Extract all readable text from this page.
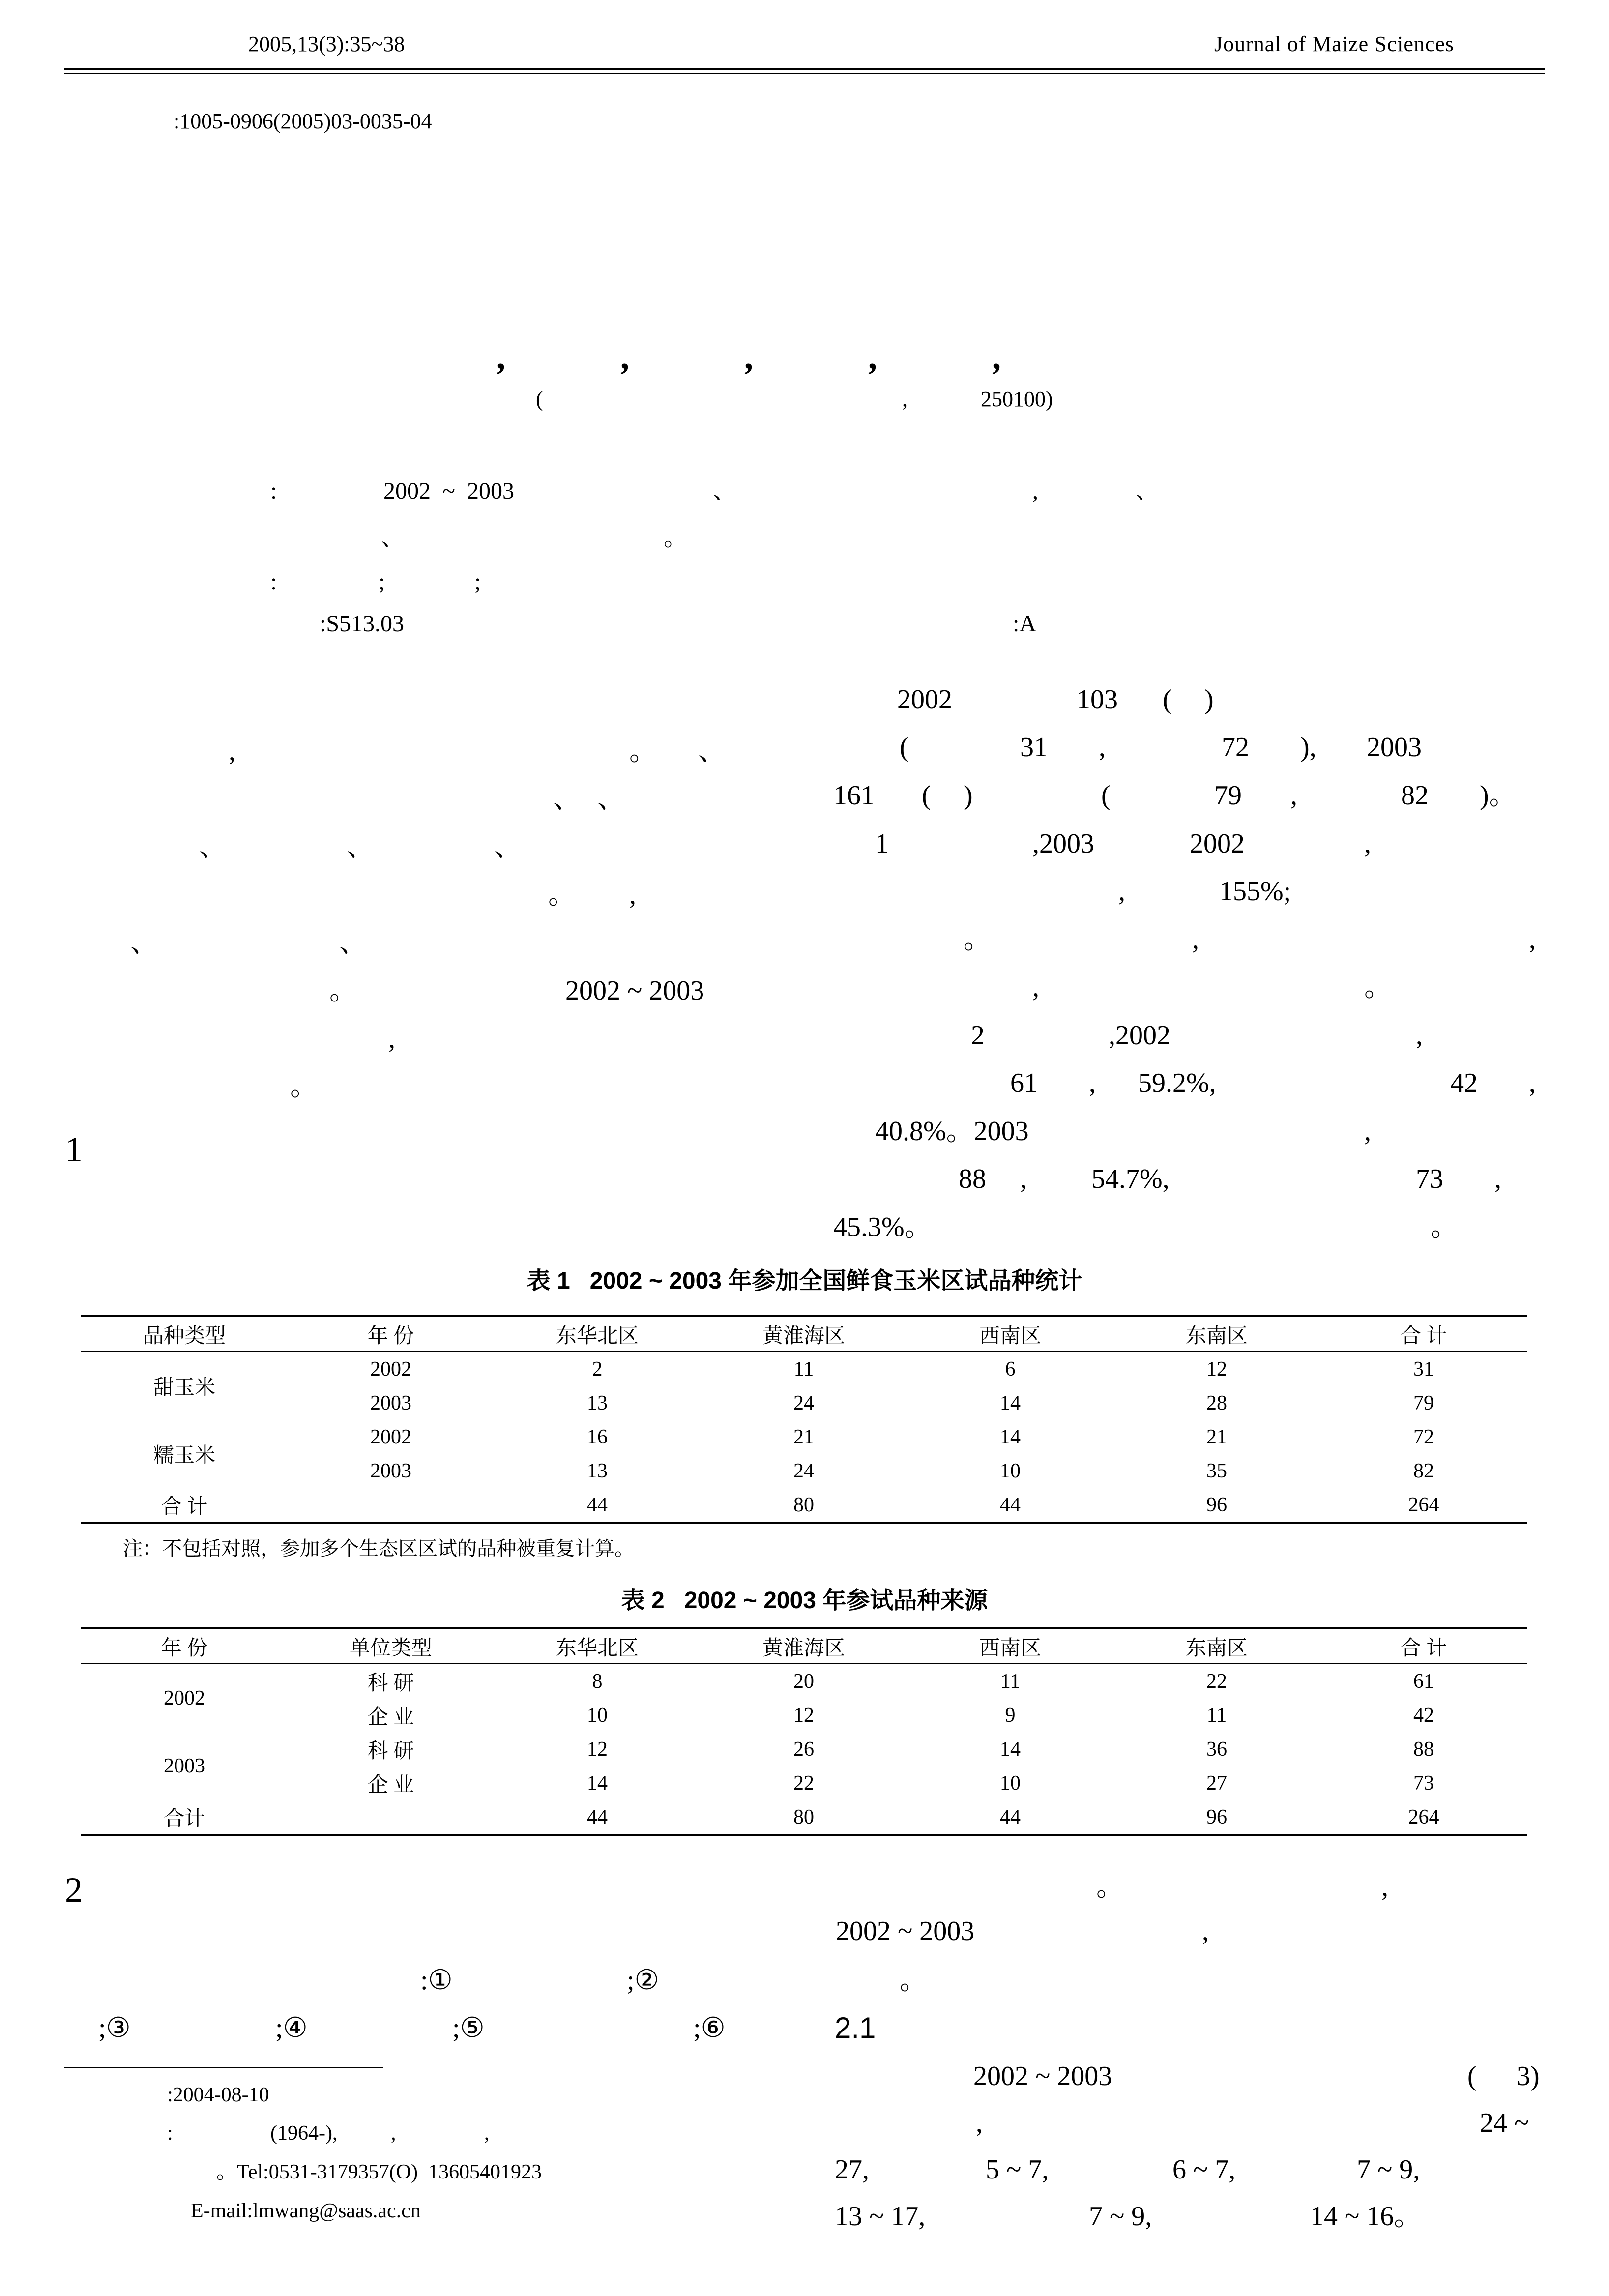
2005,13(3):35~38	Journal of Maize Sciences
:1005-0906(2005)03-0035-04
,             ,             ,             ,             ,
(	,	250100)
:	2002  ~  2003	、	,	、
、	。
:	;	;
:S513.03	:A
,	。 、
、 、
、	、	、
。 ,
、	、
。	2002 ~ 2003
,
。
1
2002	103 ( )
(	31 ,	72 ), 2003
161 ( )	(	79 ,	82 )。
1	,2003	2002	,
,	155%;
。	,	,
,	。
2	,2002	,
61 , 59.2%,	42 ,
40.8%。2003	,
88 , 54.7%,	73 ,
45.3%。	。
表 1   2002 ~ 2003 年参加全国鲜食玉米区试品种统计
品种类型	年 份	东华北区	黄淮海区	西南区	东南区	合 计
甜玉米	2002	2	11	6	12	31
	2003	13	24	14	28	79
糯玉米	2002	16	21	14	21	72
	2003	13	24	10	35	82
合 计		44	80	44	96	264
注：不包括对照，参加多个生态区区试的品种被重复计算。
表 2   2002 ~ 2003 年参试品种来源
年 份	单位类型	东华北区	黄淮海区	西南区	东南区	合 计
2002	科 研	8	20	11	22	61
	企 业	10	12	9	11	42
2003	科 研	12	26	14	36	88
	企 业	14	22	10	27	73
合计		44	80	44	96	264
2
:①	;②
;③	;④	;⑤	;⑥
:2004-08-10
:	(1964-),	,	,
。Tel:0531-3179357(O)  13605401923
E-mail:lmwang@saas.ac.cn
。	,
2002 ~ 2003	,
。
2.1
2002 ~ 2003	( 3)
,	24 ~
27,	5 ~ 7,	6 ~ 7,	7 ~ 9,
13 ~ 17,	7 ~ 9,	14 ~ 16。
